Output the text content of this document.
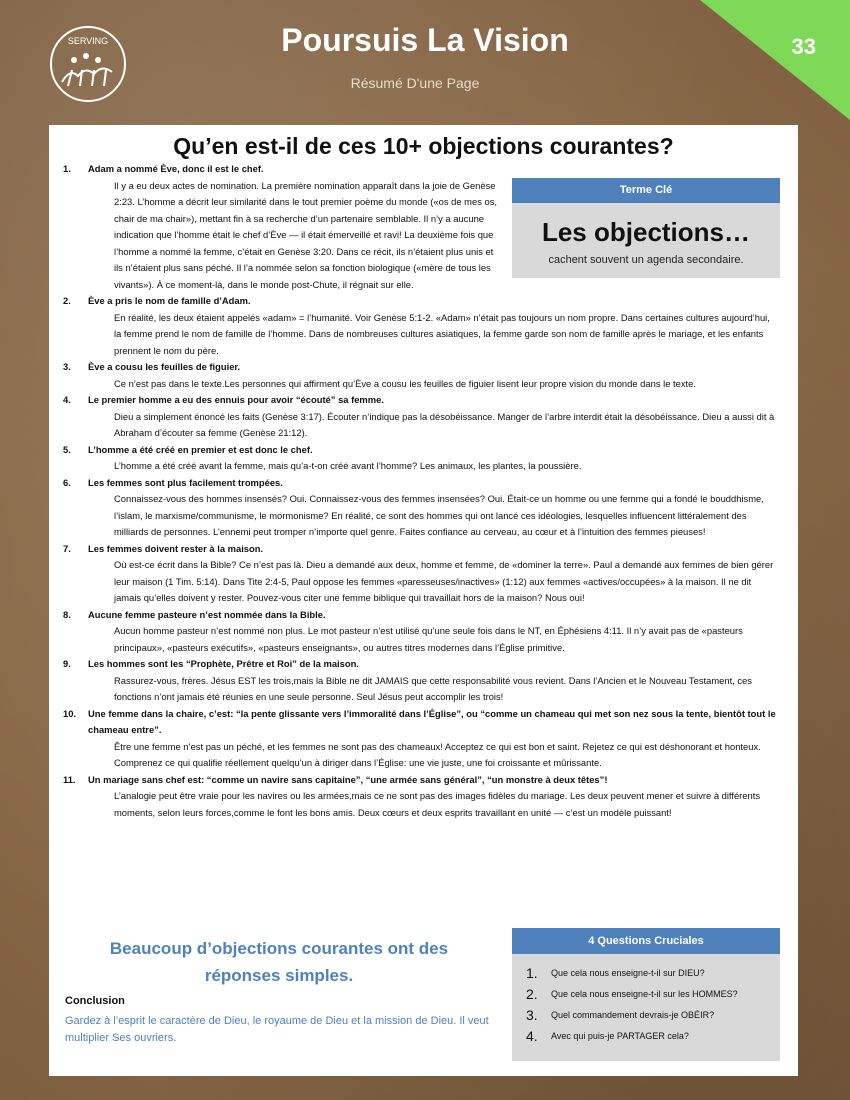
33
SERVING	Poursuis La Vision
Résumé D'une Page
Qu’en est-il de ces 10+ objections courantes?
Terme Clé
Les objections…
cachent souvent un agenda secondaire.
1. Adam a nommé Ève, donc il est le chef.
Il y a eu deux actes de nomination. La première nomination apparaît dans la joie de Genèse 2:23. L’homme a décrit leur similarité dans le tout premier poème du monde («os de mes os, chair de ma chair»), mettant fin à sa recherche d’un partenaire semblable. Il n’y a aucune indication que l’homme était le chef d’Ève — il était émerveillé et ravi! La deuxième fois que l’homme a nommé la femme, c’était en Genèse 3:20. Dans ce récit, ils n’étaient plus unis et ils n’étaient plus sans péché. Il l’a nommée selon sa fonction biologique («mère de tous les vivants»). À ce moment-là, dans le monde post-Chute, il régnait sur elle.
2. Ève a pris le nom de famille d’Adam.
En réalité, les deux étaient appelés «adam» = l’humanité. Voir Genèse 5:1-2. «Adam» n’était pas toujours un nom propre. Dans certaines cultures aujourd’hui, la femme prend le nom de famille de l’homme. Dans de nombreuses cultures asiatiques, la femme garde son nom de famille après le mariage, et les enfants prennent le nom du père.
3. Ève a cousu les feuilles de figuier.
Ce n’est pas dans le texte.Les personnes qui affirment qu’Ève a cousu les feuilles de figuier lisent leur propre vision du monde dans le texte.
4. Le premier homme a eu des ennuis pour avoir “écouté” sa femme.
Dieu a simplement énoncé les faits (Genèse 3:17). Écouter n’indique pas la désobéissance. Manger de l’arbre interdit était la désobéissance. Dieu a aussi dit à Abraham d’écouter sa femme (Genèse 21:12).
5. L’homme a été créé en premier et est donc le chef.
L’homme a été créé avant la femme, mais qu’a-t-on créé avant l’homme? Les animaux, les plantes, la poussière.
6. Les femmes sont plus facilement trompées.
Connaissez-vous des hommes insensés? Oui. Connaissez-vous des femmes insensées? Oui. Était-ce un homme ou une femme qui a fondé le bouddhisme, l’islam, le marxisme/communisme, le mormonisme? En réalité, ce sont des hommes qui ont lancé ces idéologies, lesquelles influencent littéralement des milliards de personnes. L’ennemi peut tromper n’importe quel genre. Faites confiance au cerveau, au cœur et à l’intuition des femmes pieuses!
7. Les femmes doivent rester à la maison.
Où est-ce écrit dans la Bible? Ce n’est pas là. Dieu a demandé aux deux, homme et femme, de «dominer la terre». Paul a demandé aux femmes de bien gérer leur maison (1 Tim. 5:14). Dans Tite 2:4-5, Paul oppose les femmes «paresseuses/inactives» (1:12) aux femmes «actives/occupées» à la maison. Il ne dit jamais qu’elles doivent y rester. Pouvez-vous citer une femme biblique qui travaillait hors de la maison? Nous oui!
8. Aucune femme pasteure n’est nommée dans la Bible.
Aucun homme pasteur n’est nommé non plus. Le mot pasteur n’est utilisé qu’une seule fois dans le NT, en Éphésiens 4:11. Il n’y avait pas de «pasteurs principaux», «pasteurs exécutifs», «pasteurs enseignants», ou autres titres modernes dans l’Église primitive.
9. Les hommes sont les “Prophète, Prêtre et Roi” de la maison.
Rassurez-vous, frères. Jésus EST les trois,mais la Bible ne dit JAMAIS que cette responsabilité vous revient. Dans l’Ancien et le Nouveau Testament, ces fonctions n’ont jamais été réunies en une seule personne. Seul Jésus peut accomplir les trois!
10. Une femme dans la chaire, c’est: “la pente glissante vers l’immoralité dans l’Église”, ou “comme un chameau qui met son nez sous la tente, bientôt tout le chameau entre”.
Être une femme n’est pas un péché, et les femmes ne sont pas des chameaux! Acceptez ce qui est bon et saint. Rejetez ce qui est déshonorant et honteux. Comprenez ce qui qualifie réellement quelqu’un à diriger dans l’Église: une vie juste, une foi croissante et mûrissante.
11. Un mariage sans chef est: “comme un navire sans capitaine”, “une armée sans général”, “un monstre à deux têtes”!
L’analogie peut être vraie pour les navires ou les armées,mais ce ne sont pas des images fidèles du mariage. Les deux peuvent mener et suivre à différents moments, selon leurs forces,comme le font les bons amis. Deux cœurs et deux esprits travaillant en unité — c’est un modèle puissant!
Beaucoup d’objections courantes ont des réponses simples.
Conclusion
Gardez à l’esprit le caractère de Dieu, le royaume de Dieu et la mission de Dieu. Il veut multiplier Ses ouvriers.
4 Questions Cruciales
1.	Que cela nous enseigne-t-il sur DIEU?
2.	Que cela nous enseigne-t-il sur les HOMMES?
3.	Quel commandement devrais-je OBÉIR?
4.	Avec qui puis-je PARTAGER cela?
